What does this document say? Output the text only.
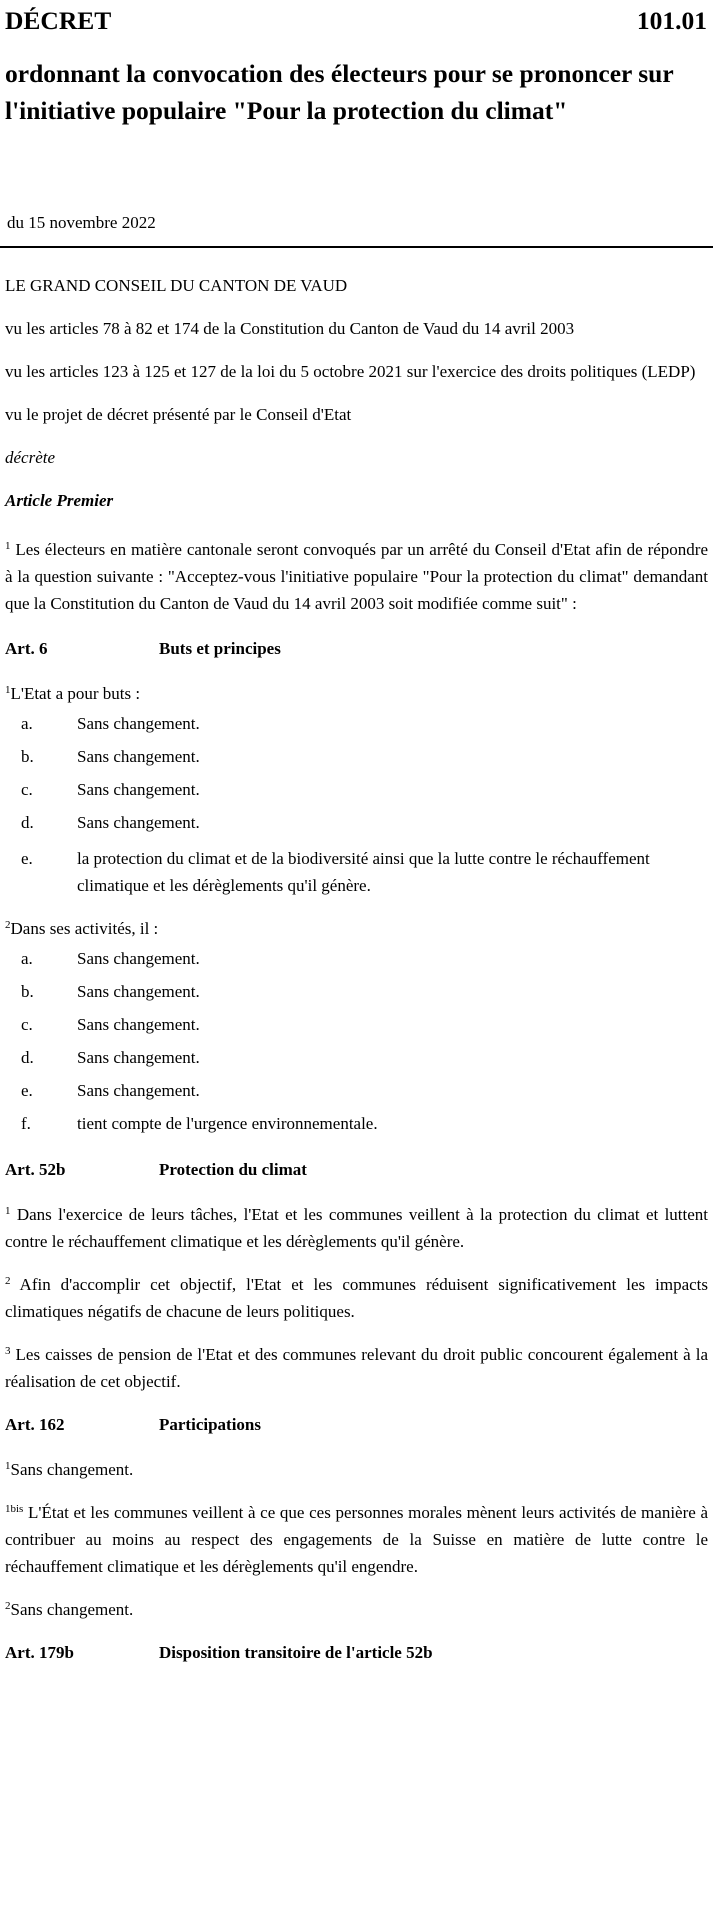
DÉCRET	101.01
ordonnant la convocation des électeurs pour se prononcer sur l'initiative populaire "Pour la protection du climat"
du 15 novembre 2022

LE GRAND CONSEIL DU CANTON DE VAUD

vu les articles 78 à 82 et 174 de la Constitution du Canton de Vaud du 14 avril 2003

vu les articles 123 à 125 et 127 de la loi du 5 octobre 2021 sur l'exercice des droits politiques (LEDP)

vu le projet de décret présenté par le Conseil d'Etat

décrète

Article Premier

$^1$ Les électeurs en matière cantonale seront convoqués par un arrêté du Conseil d'Etat afin de répondre à la question suivante : "Acceptez-vous l'initiative populaire "Pour la protection du climat" demandant que la Constitution du Canton de Vaud du 14 avril 2003 soit modifiée comme suit" :

Art. 6	Buts et principes

$^1$L'Etat a pour buts :

a.	Sans changement.
b.	Sans changement.
c.	Sans changement.
d.	Sans changement.
e.	la protection du climat et de la biodiversité ainsi que la lutte contre le réchauffement climatique et les dérèglements qu'il génère.

$^2$Dans ses activités, il :

a.	Sans changement.
b.	Sans changement.
c.	Sans changement.
d.	Sans changement.
e.	Sans changement.
f.	tient compte de l'urgence environnementale.
Art. 52b	Protection du climat

$^1$ Dans l'exercice de leurs tâches, l'Etat et les communes veillent à la protection du climat et luttent contre le réchauffement climatique et les dérèglements qu'il génère.

$^2$ Afin d'accomplir cet objectif, l'Etat et les communes réduisent significativement les impacts climatiques négatifs de chacune de leurs politiques.

$^3$ Les caisses de pension de l'Etat et des communes relevant du droit public concourent également à la réalisation de cet objectif.

Art. 162	Participations

$^1$Sans changement.

$^{1bis}$ L'État et les communes veillent à ce que ces personnes morales mènent leurs activités de manière à contribuer au moins au respect des engagements de la Suisse en matière de lutte contre le réchauffement climatique et les dérèglements qu'il engendre.

$^2$Sans changement.

Art. 179b	Disposition transitoire de l'article 52b
